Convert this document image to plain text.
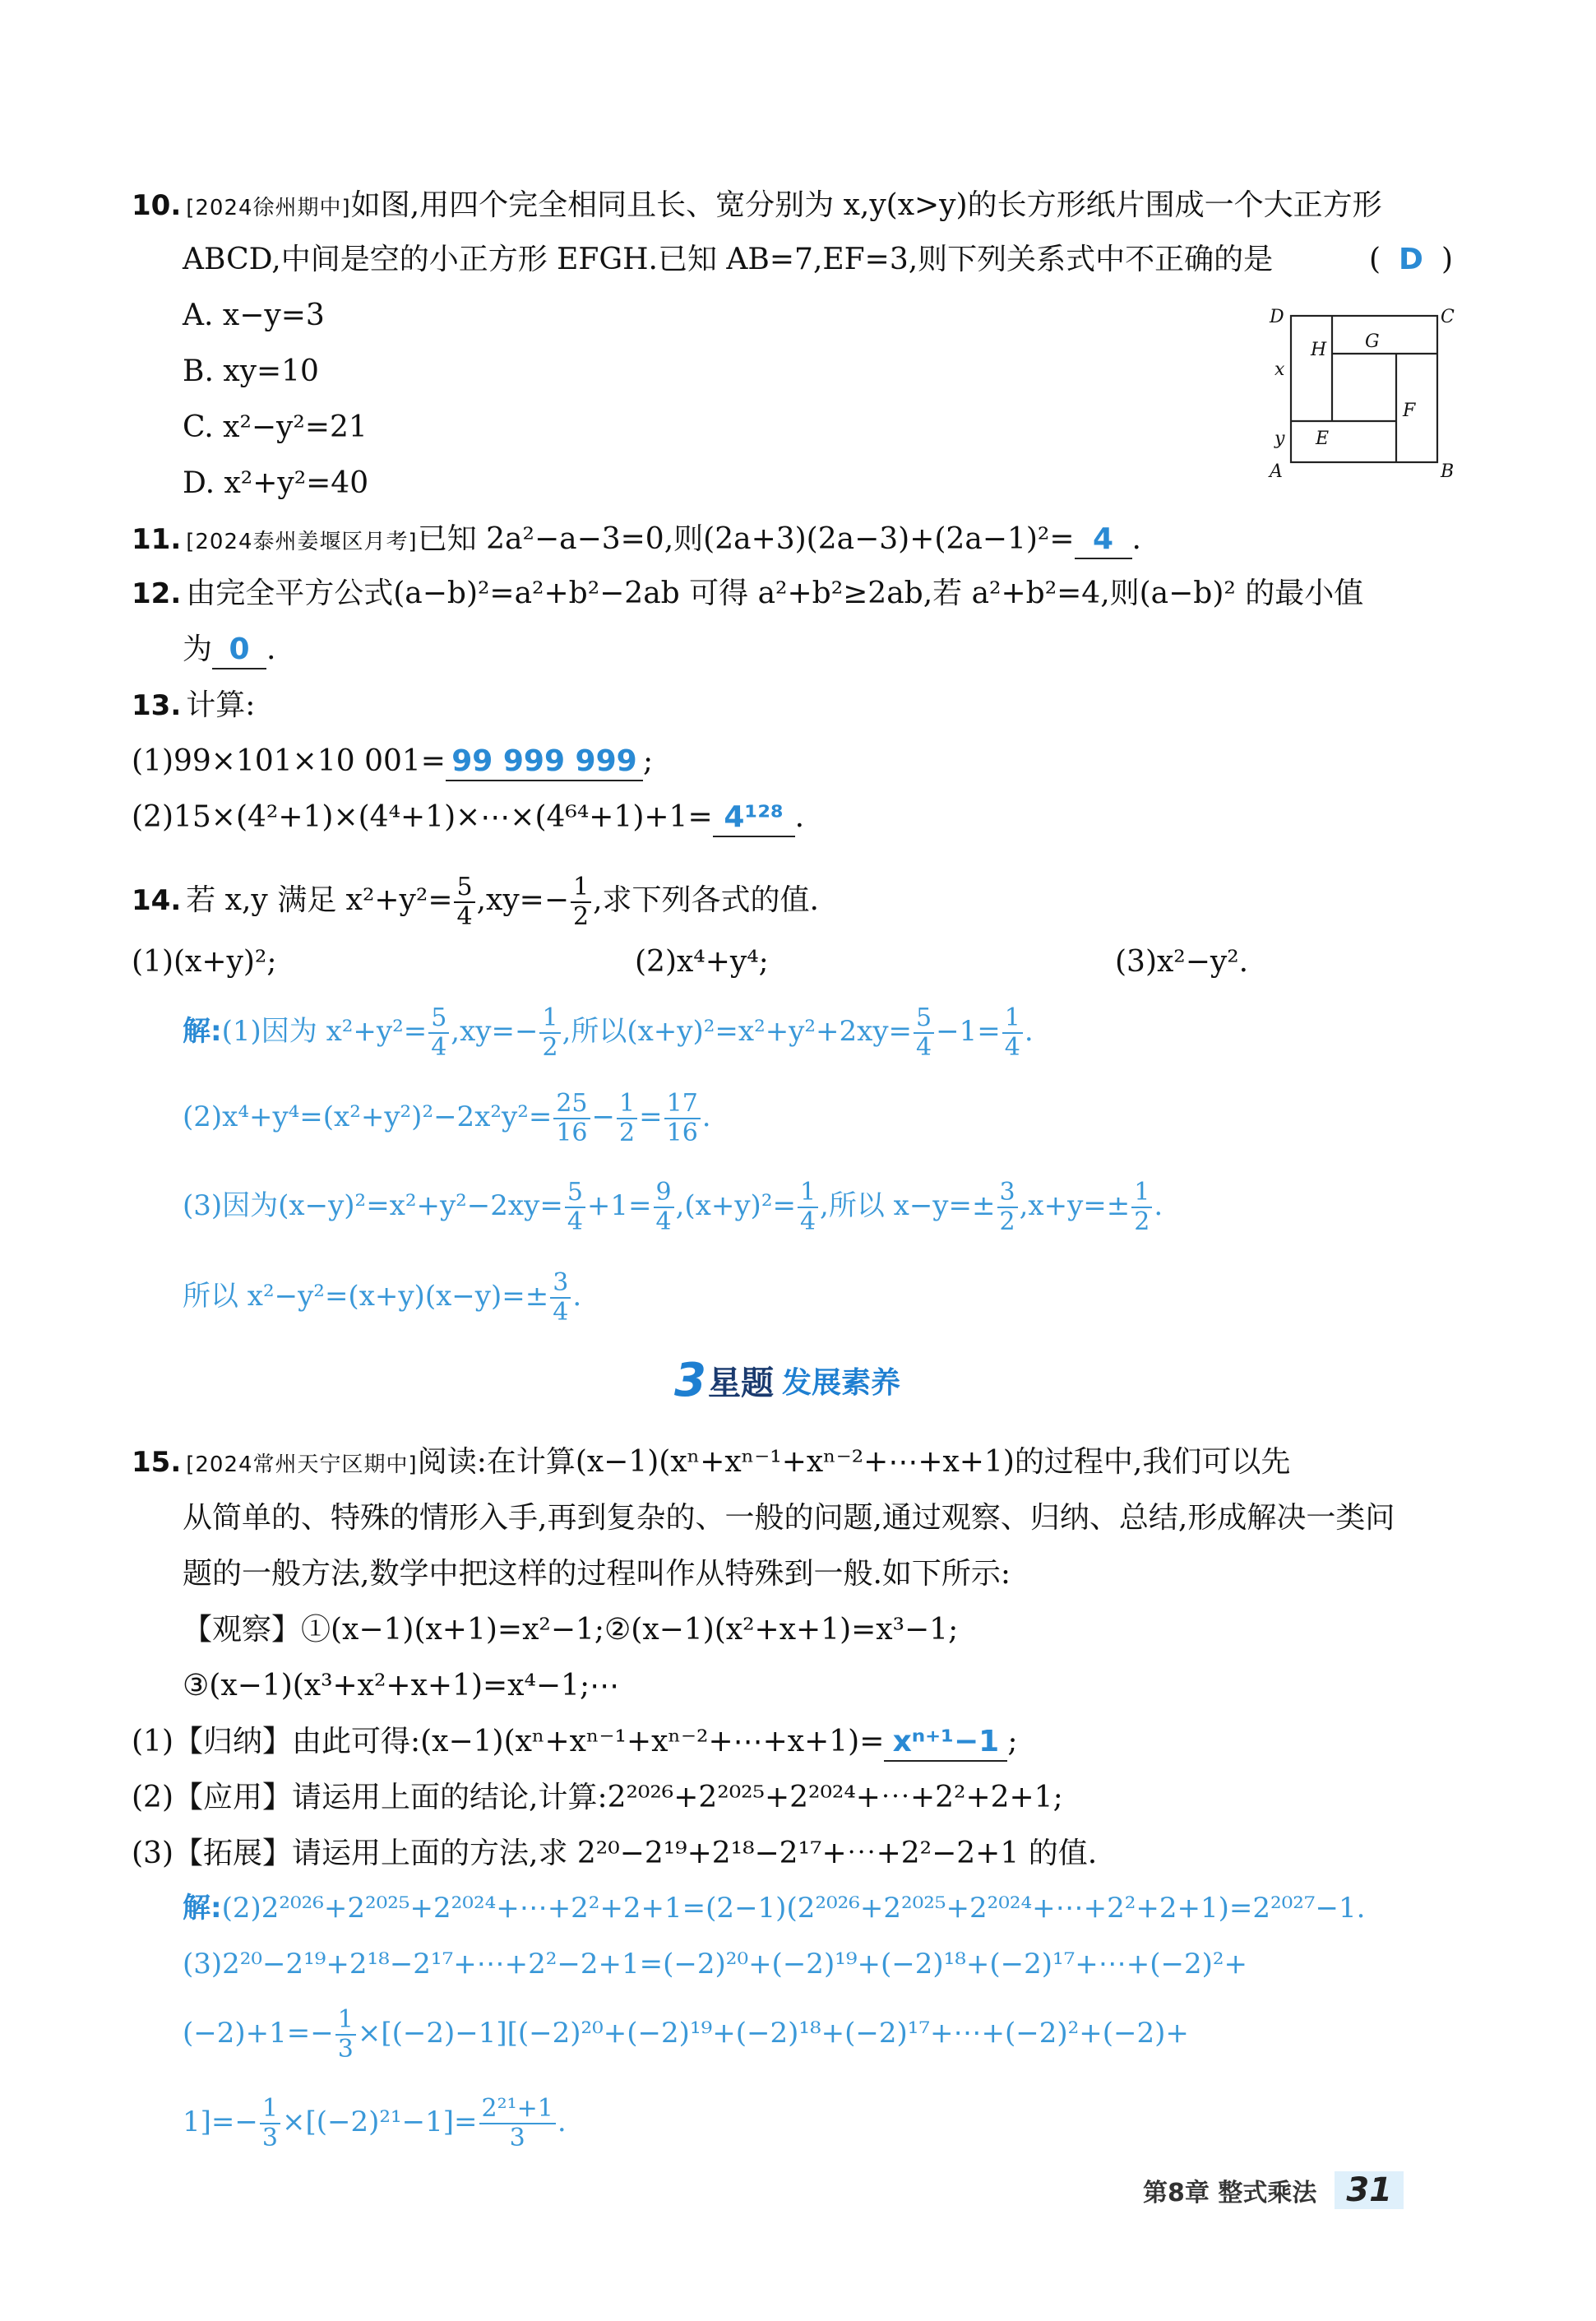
10. [2024徐州期中]如图,用四个完全相同且长、宽分别为 x,y(x>y)的长方形纸片围成一个大正方形
ABCD,中间是空的小正方形 EFGH.已知 AB=7,EF=3,则下列关系式中不正确的是	( D )
A. x−y=3
B. xy=10
C. x²−y²=21
D. x²+y²=40
D	C
A	B
G
H
F
E
x
y
11. [2024泰州姜堰区月考]已知 2a²−a−3=0,则(2a+3)(2a−3)+(2a−1)²= 4 .
12. 由完全平方公式(a−b)²=a²+b²−2ab 可得 a²+b²≥2ab,若 a²+b²=4,则(a−b)² 的最小值
为 0 .
13. 计算:
(1)99×101×10 001= 99 999 999 ;
(2)15×(4²+1)×(4⁴+1)×⋯×(4⁶⁴+1)+1= 4¹²⁸ .
14. 若 x,y 满足 $x^2+y^2= \frac{5}{4} ,xy=- \frac{1}{2}$ ,求下列各式的值.
(1)(x+y)²;	(2)x⁴+y⁴;	(3)x²−y².
解:(1)因为 $x^2+y^2= \frac{5}{4} ,xy=- \frac{1}{2}$ ,所以$(x+y)^2=x^2+y^2+2xy= \frac{5}{4} -1= \frac{1}{4}$ .
$(2)x^4+y^4=(x^2+y^2)^2-2x^2y^2= \frac{25}{16} - \frac{1}{2} = \frac{17}{16}$ .
(3)因为$(x-y)^2=x^2+y^2-2xy= \frac{5}{4} +1= \frac{9}{4} ,(x+y)^2= \frac{1}{4}$ ,所以 $x-y=\pm \frac{3}{2} ,x+y=\pm \frac{1}{2}$ .
所以 $x^2-y^2=(x+y)(x-y)=\pm \frac{3}{4}$ .
3 星题 发展素养
15. [2024常州天宁区期中]阅读:在计算(x−1)(xⁿ+xⁿ⁻¹+xⁿ⁻²+⋯+x+1)的过程中,我们可以先
从简单的、特殊的情形入手,再到复杂的、一般的问题,通过观察、归纳、总结,形成解决一类问
题的一般方法,数学中把这样的过程叫作从特殊到一般.如下所示:
【观察】①(x−1)(x+1)=x²−1;②(x−1)(x²+x+1)=x³−1;
③(x−1)(x³+x²+x+1)=x⁴−1;⋯
(1)【归纳】由此可得:(x−1)(xⁿ+xⁿ⁻¹+xⁿ⁻²+⋯+x+1)= xⁿ⁺¹−1 ;
(2)【应用】请运用上面的结论,计算:2²⁰²⁶+2²⁰²⁵+2²⁰²⁴+⋯+2²+2+1;
(3)【拓展】请运用上面的方法,求 2²⁰−2¹⁹+2¹⁸−2¹⁷+⋯+2²−2+1 的值.
解:(2)2²⁰²⁶+2²⁰²⁵+2²⁰²⁴+⋯+2²+2+1=(2−1)(2²⁰²⁶+2²⁰²⁵+2²⁰²⁴+⋯+2²+2+1)=2²⁰²⁷−1.
(3)2²⁰−2¹⁹+2¹⁸−2¹⁷+⋯+2²−2+1=(−2)²⁰+(−2)¹⁹+(−2)¹⁸+(−2)¹⁷+⋯+(−2)²+
$(-2)+1=- \frac{1}{3}$ ×[(−2)−1][(−2)²⁰+(−2)¹⁹+(−2)¹⁸+(−2)¹⁷+⋯+(−2)²+(−2)+
$1]=- \frac{1}{3} \times[(-2)^{21}-1]= \frac{\text{2²¹+1}}{3}$ .
第8章 整式乘法 31
